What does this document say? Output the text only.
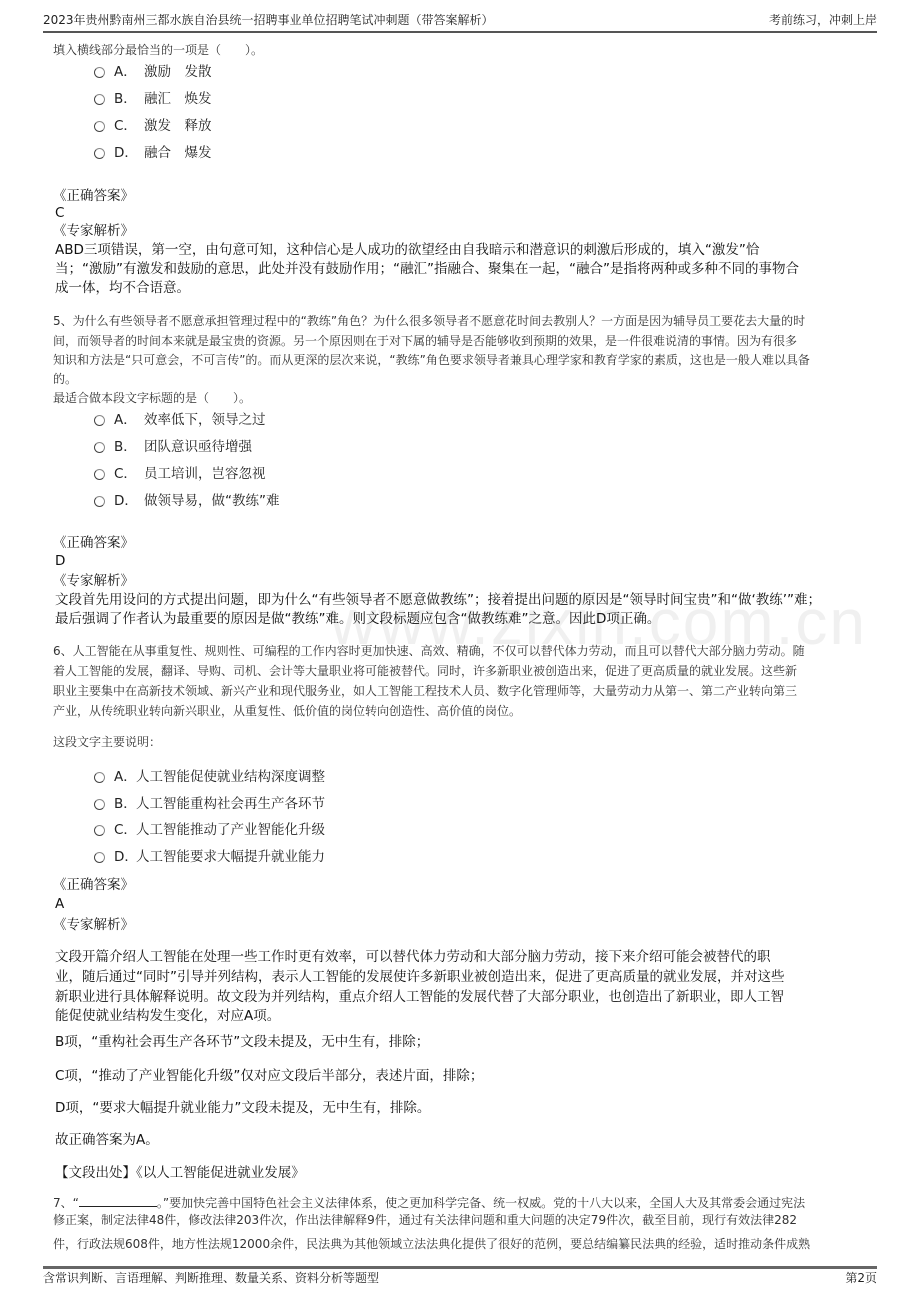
www.zixin.com.cn
2023年贵州黔南州三都水族自治县统一招聘事业单位招聘笔试冲刺题（带答案解析）	考前练习，冲刺上岸
填入横线部分最恰当的一项是（　　）。
A． 激励　发散
B． 融汇　焕发
C． 激发　释放
D． 融合　爆发
《正确答案》
C
《专家解析》
ABD三项错误，第一空，由句意可知，这种信心是人成功的欲望经由自我暗示和潜意识的刺激后形成的，填入“激发”恰
当；“激励”有激发和鼓励的意思，此处并没有鼓励作用；“融汇”指融合、聚集在一起，“融合”是指将两种或多种不同的事物合
成一体，均不合语意。
5、为什么有些领导者不愿意承担管理过程中的“教练”角色？为什么很多领导者不愿意花时间去教别人？一方面是因为辅导员工要花去大量的时
间，而领导者的时间本来就是最宝贵的资源。另一个原因则在于对下属的辅导是否能够收到预期的效果，是一件很难说清的事情。因为有很多
知识和方法是“只可意会，不可言传”的。而从更深的层次来说，“教练”角色要求领导者兼具心理学家和教育学家的素质，这也是一般人难以具备
的。
最适合做本段文字标题的是（　　）。
A． 效率低下，领导之过
B． 团队意识亟待增强
C． 员工培训，岂容忽视
D． 做领导易，做“教练”难
《正确答案》
D
《专家解析》
文段首先用设问的方式提出问题，即为什么“有些领导者不愿意做教练”；接着提出问题的原因是“领导时间宝贵”和“做‘教练’”难；
最后强调了作者认为最重要的原因是做“教练”难。则文段标题应包含“做教练难”之意。因此D项正确。
6、人工智能在从事重复性、规则性、可编程的工作内容时更加快速、高效、精确，不仅可以替代体力劳动，而且可以替代大部分脑力劳动。随
着人工智能的发展，翻译、导购、司机、会计等大量职业将可能被替代。同时，许多新职业被创造出来，促进了更高质量的就业发展。这些新
职业主要集中在高新技术领域、新兴产业和现代服务业，如人工智能工程技术人员、数字化管理师等，大量劳动力从第一、第二产业转向第三
产业，从传统职业转向新兴职业，从重复性、低价值的岗位转向创造性、高价值的岗位。
这段文字主要说明：
A． 人工智能促使就业结构深度调整
B． 人工智能重构社会再生产各环节
C． 人工智能推动了产业智能化升级
D．
人工智能要求大幅提升就业能力
《正确答案》
A
《专家解析》
文段开篇介绍人工智能在处理一些工作时更有效率，可以替代体力劳动和大部分脑力劳动，接下来介绍可能会被替代的职
业，随后通过“同时”引导并列结构，表示人工智能的发展使许多新职业被创造出来，促进了更高质量的就业发展，并对这些
新职业进行具体解释说明。故文段为并列结构，重点介绍人工智能的发展代替了大部分职业，也创造出了新职业，即人工智
能促使就业结构发生变化，对应A项。
B项，“重构社会再生产各环节”文段未提及，无中生有，排除；
C项，“推动了产业智能化升级”仅对应文段后半部分，表述片面，排除；
D项，“要求大幅提升就业能力”文段未提及，无中生有，排除。
故正确答案为A。
【文段出处】《以人工智能促进就业发展》
7、“	。”要加快完善中国特色社会主义法律体系，使之更加科学完备、统一权威。党的十八大以来，全国人大及其常委会通过宪法
修正案，制定法律48件，修改法律203件次，作出法律解释9件，通过有关法律问题和重大问题的决定79件次，截至目前，现行有效法律282
件，行政法规608件，地方性法规12000余件，民法典为其他领域立法法典化提供了很好的范例，要总结编纂民法典的经验，适时推动条件成熟
含常识判断、言语理解、判断推理、数量关系、资料分析等题型	第2页
